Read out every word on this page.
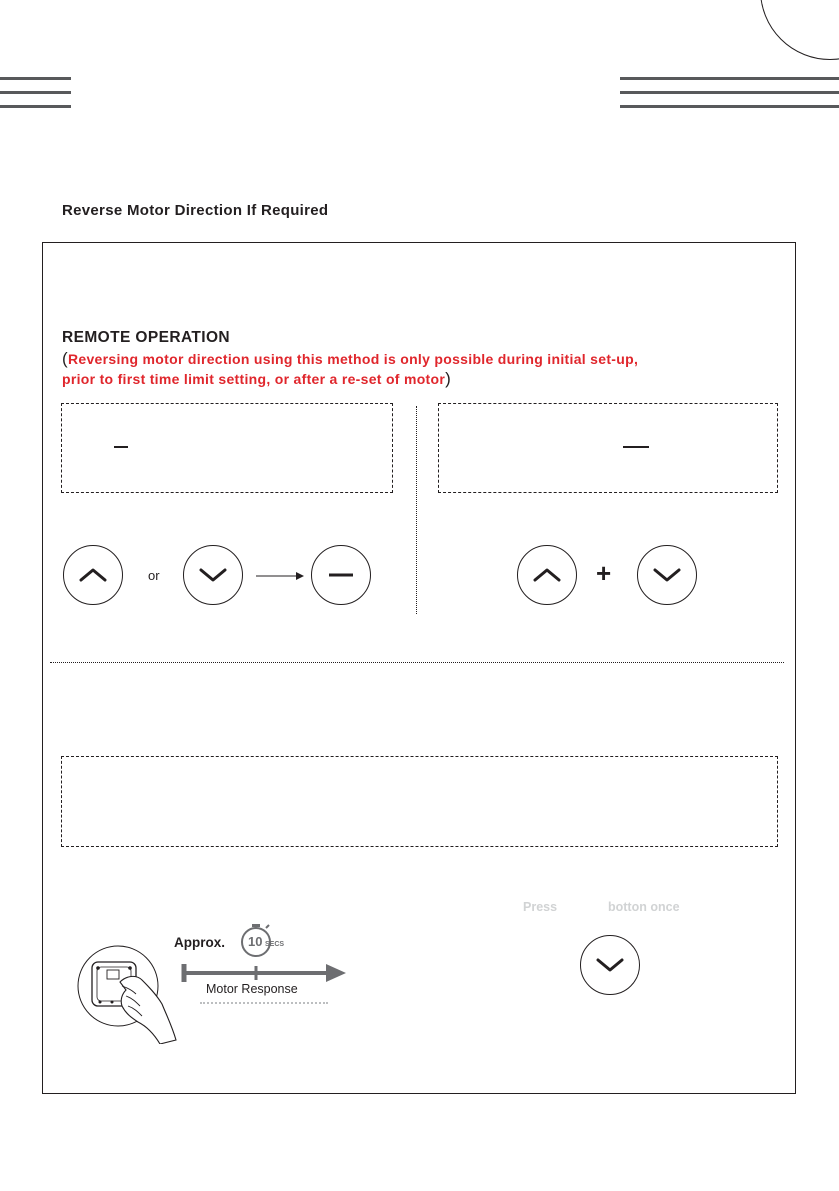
Reverse Motor Direction If Required
REMOTE OPERATION
(Reversing motor direction using this method is only possible during initial set-up,
prior to first time limit setting, or after a re-set of motor)
or	+
Approx. 10 SECS
Motor Response
Press	botton once
